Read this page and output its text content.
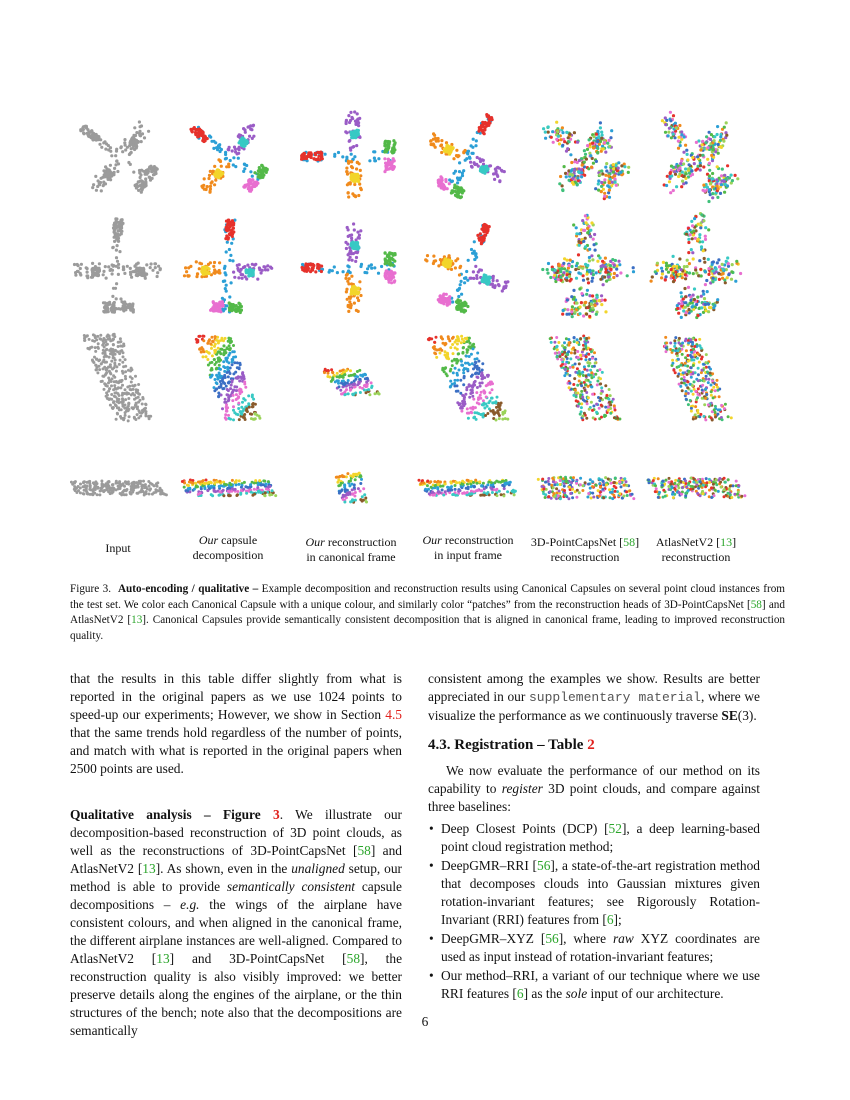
Input
Our capsule
decomposition
Our reconstruction
in canonical frame
Our reconstruction
in input frame
3D-PointCapsNet [58]
reconstruction
AtlasNetV2 [13]
reconstruction
Figure 3. Auto-encoding / qualitative – Example decomposition and reconstruction results using Canonical Capsules on several point cloud instances from the test set. We color each Canonical Capsule with a unique colour, and similarly color “patches” from the reconstruction heads of 3D-PointCapsNet [58] and AtlasNetV2 [13]. Canonical Capsules provide semantically consistent decomposition that is aligned in canonical frame, leading to improved reconstruction quality.

that the results in this table differ slightly from what is reported in the original papers as we use 1024 points to speed-up our experiments; However, we show in Section 4.5 that the same trends hold regardless of the number of points, and match with what is reported in the original papers when 2500 points are used.

Qualitative analysis – Figure 3. We illustrate our decomposition-based reconstruction of 3D point clouds, as well as the reconstructions of 3D-PointCapsNet [58] and AtlasNetV2 [13]. As shown, even in the unaligned setup, our method is able to provide semantically consistent capsule decompositions – e.g. the wings of the airplane have consistent colours, and when aligned in the canonical frame, the different airplane instances are well-aligned. Compared to AtlasNetV2 [13] and 3D-PointCapsNet [58], the reconstruction quality is also visibly improved: we better preserve details along the engines of the airplane, or the thin structures of the bench; note also that the decompositions are semantically

consistent among the examples we show. Results are better appreciated in our supplementary material, where we visualize the performance as we continuously traverse SE(3).

4.3. Registration – Table 2

We now evaluate the performance of our method on its capability to register 3D point clouds, and compare against three baselines:

• Deep Closest Points (DCP) [52], a deep learning-based point cloud registration method;
• DeepGMR–RRI [56], a state-of-the-art registration method that decomposes clouds into Gaussian mixtures given rotation-invariant features; see Rigorously Rotation-Invariant (RRI) features from [6];
• DeepGMR–XYZ [56], where raw XYZ coordinates are used as input instead of rotation-invariant features;
• Our method–RRI, a variant of our technique where we use RRI features [6] as the sole input of our architecture.
6
